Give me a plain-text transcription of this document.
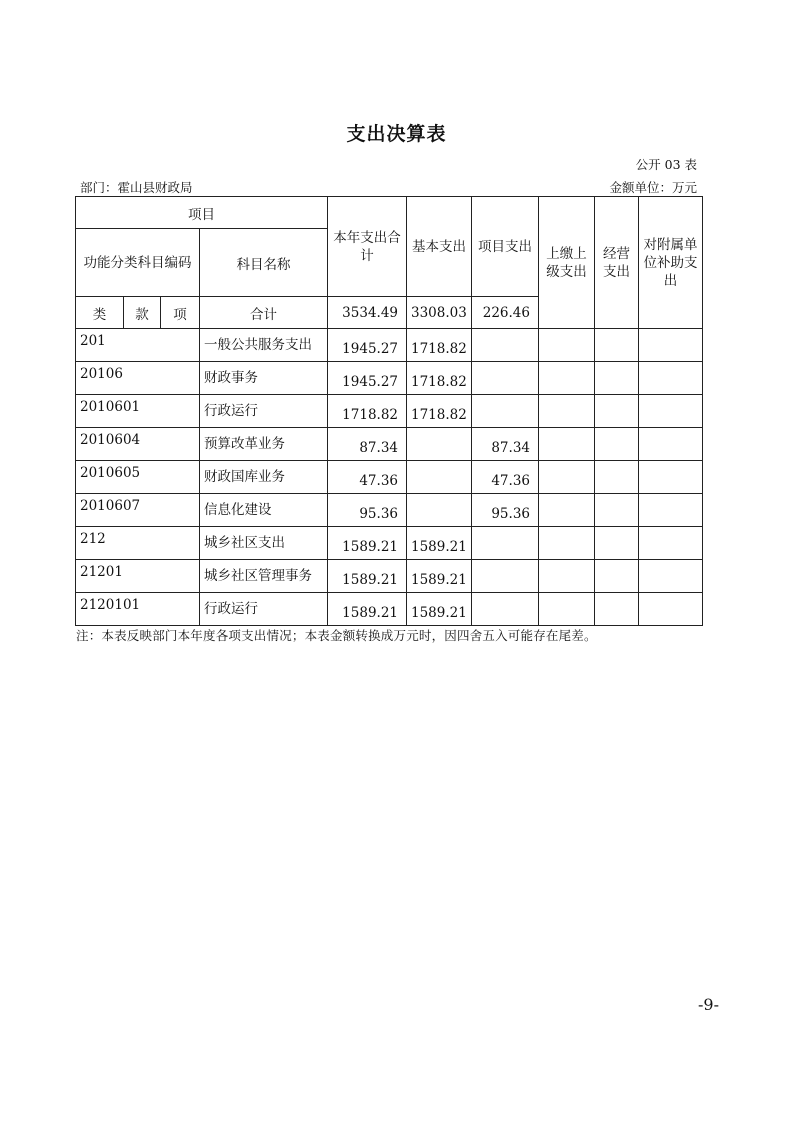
支出决算表
公开 03 表
部门：霍山县财政局	金额单位：万元
项目				本年支出合计	基本支出	项目支出	上缴上级支出	经营支出	对附属单位补助支出
功能分类科目编码			科目名称						
类	款	项	合计	3534.49	3308.03	226.46			
201			一般公共服务支出	1945.27	1718.82				
20106			财政事务	1945.27	1718.82				
2010601			行政运行	1718.82	1718.82				
2010604			预算改革业务	87.34		87.34			
2010605			财政国库业务	47.36		47.36			
2010607			信息化建设	95.36		95.36			
212			城乡社区支出	1589.21	1589.21				
21201			城乡社区管理事务	1589.21	1589.21				
2120101			行政运行	1589.21	1589.21				
注：本表反映部门本年度各项支出情况；本表金额转换成万元时，因四舍五入可能存在尾差。
-9-
